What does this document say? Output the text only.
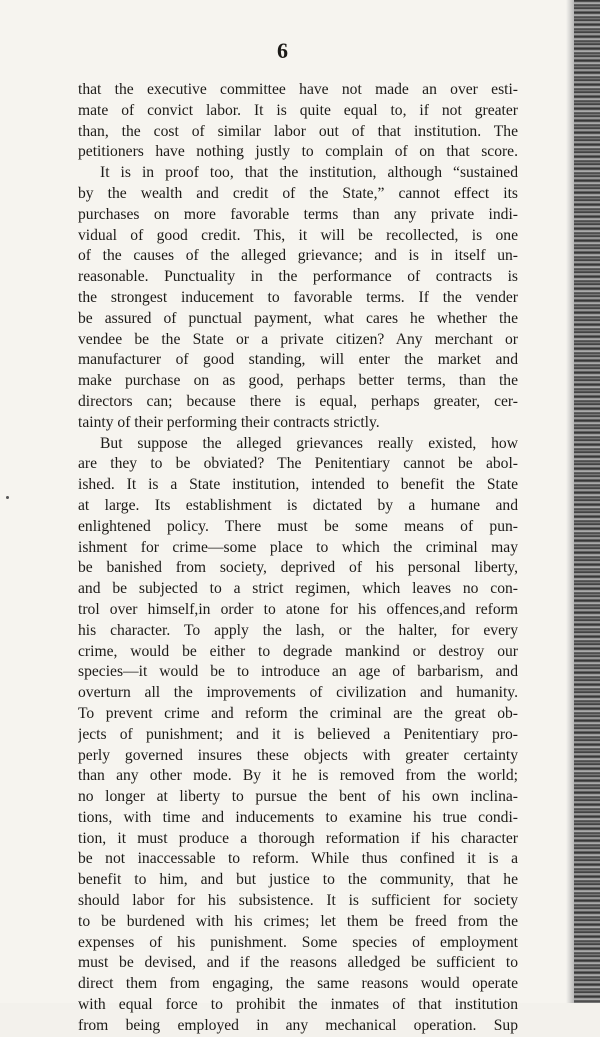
6
that the executive committee have not made an over esti-
mate of convict labor. It is quite equal to, if not greater
than, the cost of similar labor out of that institution. The
petitioners have nothing justly to complain of on that score.
It is in proof too, that the institution, although “sustained
by the wealth and credit of the State,” cannot effect its
purchases on more favorable terms than any private indi-
vidual of good credit. This, it will be recollected, is one
of the causes of the alleged grievance; and is in itself un-
reasonable. Punctuality in the performance of contracts is
the strongest inducement to favorable terms. If the vender
be assured of punctual payment, what cares he whether the
vendee be the State or a private citizen? Any merchant or
manufacturer of good standing, will enter the market and
make purchase on as good, perhaps better terms, than the
directors can; because there is equal, perhaps greater, cer-
tainty of their performing their contracts strictly.
But suppose the alleged grievances really existed, how
are they to be obviated? The Penitentiary cannot be abol-
ished. It is a State institution, intended to benefit the State
at large. Its establishment is dictated by a humane and
enlightened policy. There must be some means of pun-
ishment for crime—some place to which the criminal may
be banished from society, deprived of his personal liberty,
and be subjected to a strict regimen, which leaves no con-
trol over himself,in order to atone for his offences,and reform
his character. To apply the lash, or the halter, for every
crime, would be either to degrade mankind or destroy our
species—it would be to introduce an age of barbarism, and
overturn all the improvements of civilization and humanity.
To prevent crime and reform the criminal are the great ob-
jects of punishment; and it is believed a Penitentiary pro-
perly governed insures these objects with greater certainty
than any other mode. By it he is removed from the world;
no longer at liberty to pursue the bent of his own inclina-
tions, with time and inducements to examine his true condi-
tion, it must produce a thorough reformation if his character
be not inaccessable to reform. While thus confined it is a
benefit to him, and but justice to the community, that he
should labor for his subsistence. It is sufficient for society
to be burdened with his crimes; let them be freed from the
expenses of his punishment. Some species of employment
must be devised, and if the reasons alledged be sufficient to
direct them from engaging, the same reasons would operate
with equal force to prohibit the inmates of that institution
from being employed in any mechanical operation. Sup
